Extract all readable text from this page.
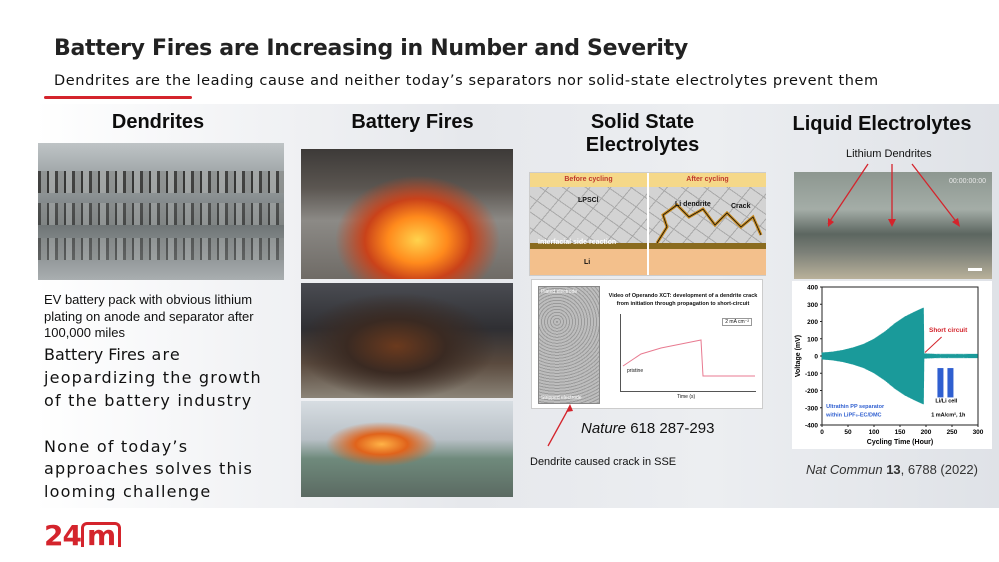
Battery Fires are Increasing in Number and Severity
Dendrites are the leading cause and neither today’s separators nor solid-state electrolytes prevent them
Dendrites
EV battery pack with obvious lithium plating on anode and separator after 100,000 miles
Battery Fires are
jeopardizing the growth
of the battery industry
None of today’s
approaches solves this
looming challenge
Battery Fires	Solid State
Electrolytes
Before cycling
LPSCl
Interfacial side reaction
Li
After cycling
Li dendrite	Crack
Plated electrode
Stripped electrode
Video of Operando XCT: development of a dendrite crack from initiation through propagation to short-circuit
pristine
2 mA cm⁻²
Time (s)
Nature 618 287-293
Dendrite caused crack in SSE
Liquid Electrolytes
Lithium Dendrites
00:00:00:00
-400
-300
-200
-100
0
100
200
300
400
0	50	100 150 200 250 300
Cycling Time (Hour)
Voltage (mV)
Short circuit
Li/Li cell
1 mA/cm², 1h
Ultrathin PP separator
within LiPF₆-EC/DMC
Nat Commun 13, 6788 (2022)
24 m
